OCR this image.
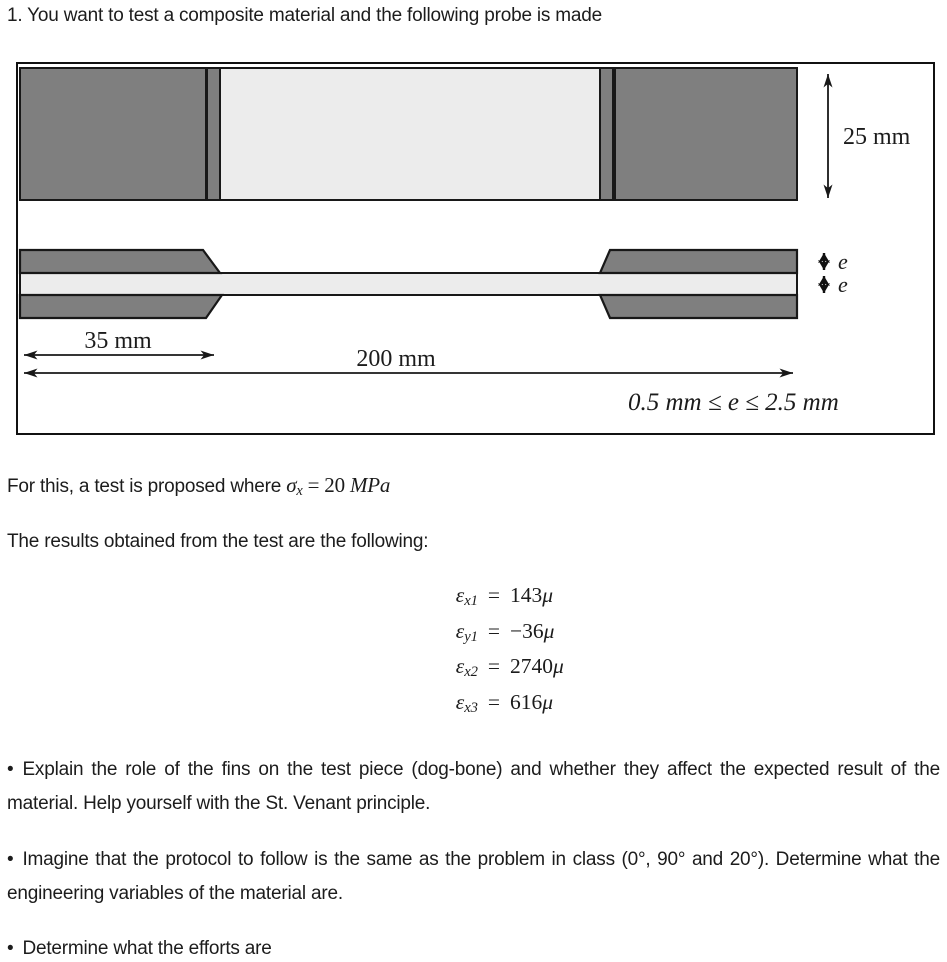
1. You want to test a composite material and the following probe is made
25 mm
e
e
35 mm
200 mm
0.5 mm ≤ e ≤ 2.5 mm
For this, a test is proposed where $\sigma_x = 20$ MPa
The results obtained from the test are the following:
$\varepsilon_{x1} = 143$ μ
$\varepsilon_{y1} = -36$ μ
$\varepsilon_{x2} = 2740$ μ
$\varepsilon_{x3} = 616$ μ
• Explain the role of the fins on the test piece (dog-bone) and whether they affect the expected result of the material. Help yourself with the St. Venant principle.
• Imagine that the protocol to follow is the same as the problem in class (0°, 90° and 20°). Determine what the engineering variables of the material are.
• Determine what the efforts are
